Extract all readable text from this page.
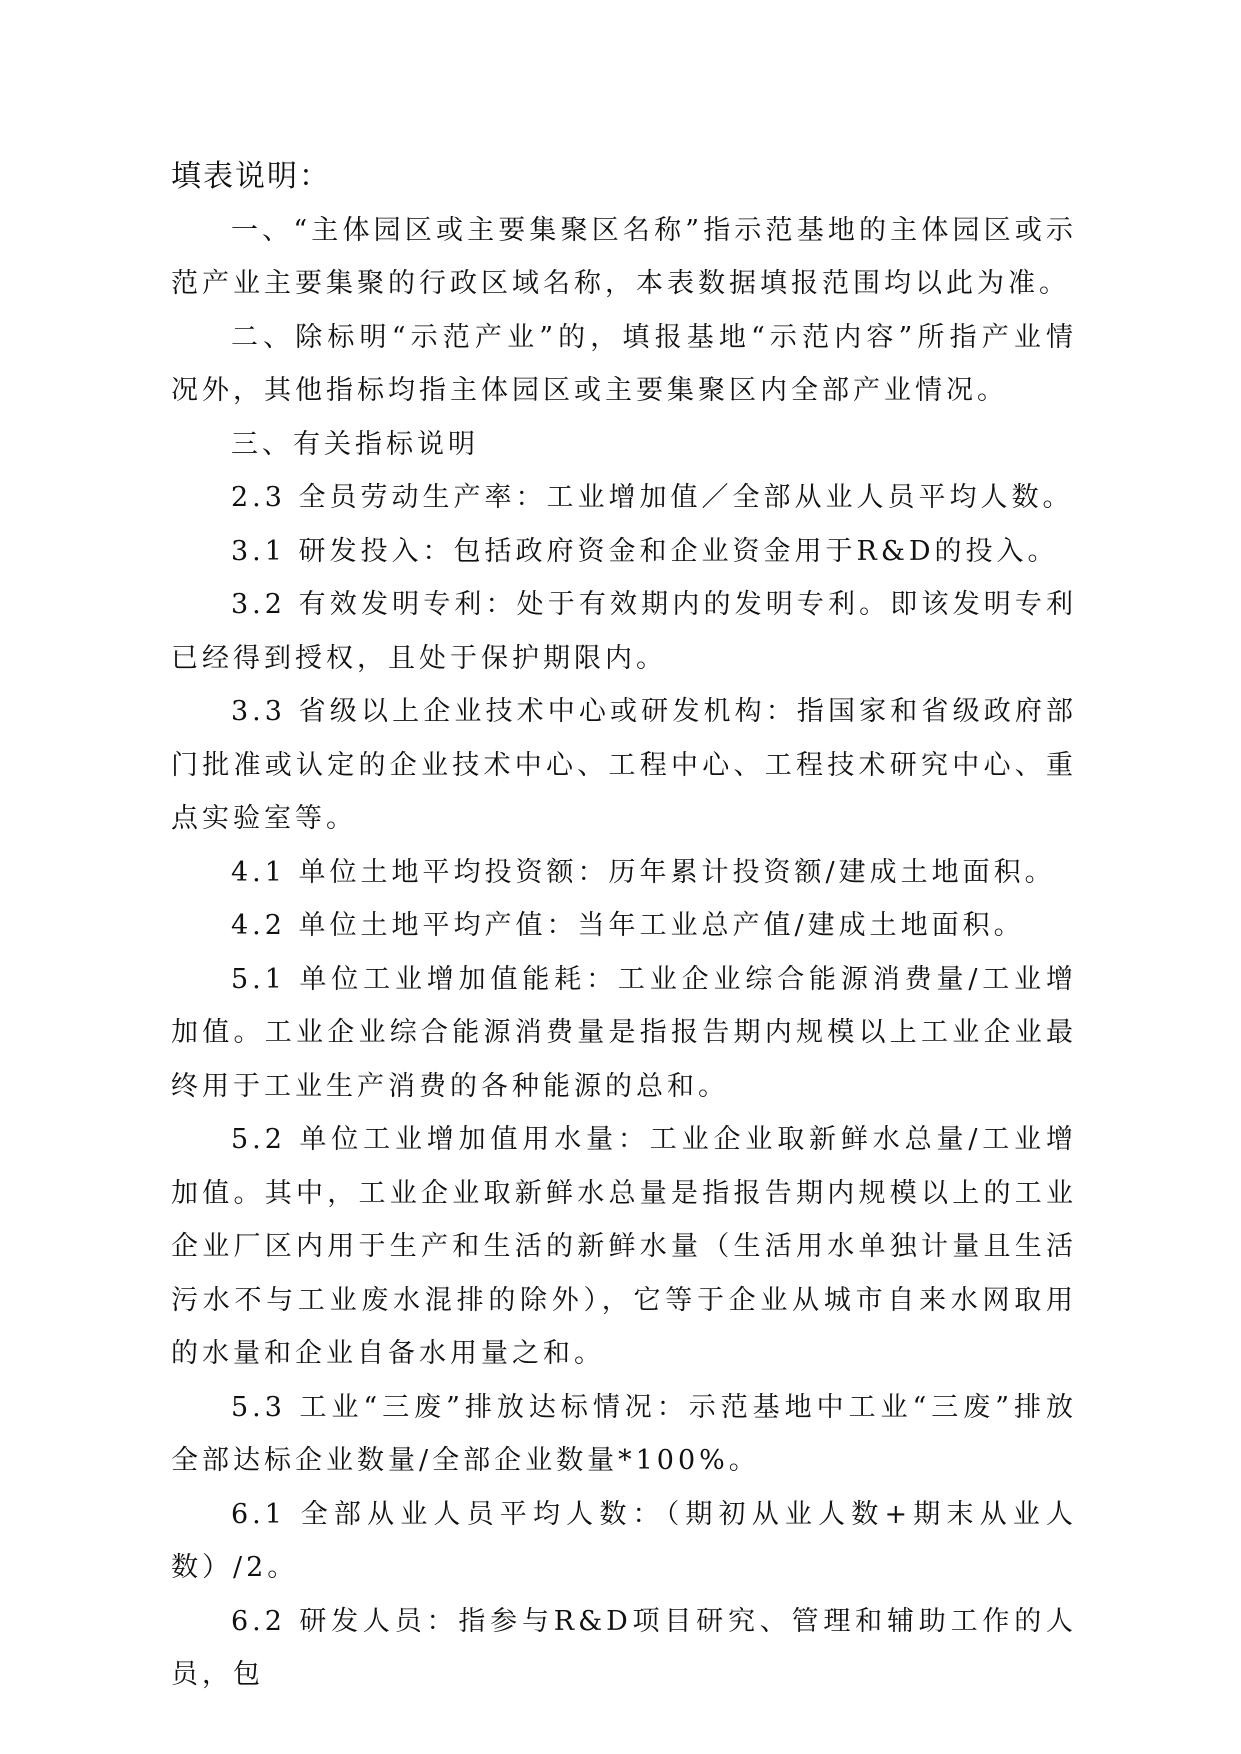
填表说明：

一、“主体园区或主要集聚区名称”指示范基地的主体园区或示范产业主要集聚的行政区域名称，本表数据填报范围均以此为准。

二、除标明“示范产业”的，填报基地“示范内容”所指产业情况外，其他指标均指主体园区或主要集聚区内全部产业情况。

三、有关指标说明

2.3 全员劳动生产率：工业增加值／全部从业人员平均人数。

3.1 研发投入：包括政府资金和企业资金用于R&D的投入。

3.2 有效发明专利：处于有效期内的发明专利。即该发明专利已经得到授权，且处于保护期限内。

3.3 省级以上企业技术中心或研发机构：指国家和省级政府部门批准或认定的企业技术中心、工程中心、工程技术研究中心、重点实验室等。

4.1 单位土地平均投资额：历年累计投资额/建成土地面积。

4.2 单位土地平均产值：当年工业总产值/建成土地面积。

5.1 单位工业增加值能耗：工业企业综合能源消费量/工业增加值。工业企业综合能源消费量是指报告期内规模以上工业企业最终用于工业生产消费的各种能源的总和。

5.2 单位工业增加值用水量：工业企业取新鲜水总量/工业增加值。其中，工业企业取新鲜水总量是指报告期内规模以上的工业企业厂区内用于生产和生活的新鲜水量（生活用水单独计量且生活污水不与工业废水混排的除外），它等于企业从城市自来水网取用的水量和企业自备水用量之和。

5.3 工业“三废”排放达标情况：示范基地中工业“三废”排放全部达标企业数量/全部企业数量*100%。

6.1 全部从业人员平均人数：（期初从业人数+期末从业人数）/2。

6.2 研发人员：指参与R&D项目研究、管理和辅助工作的人员，包
